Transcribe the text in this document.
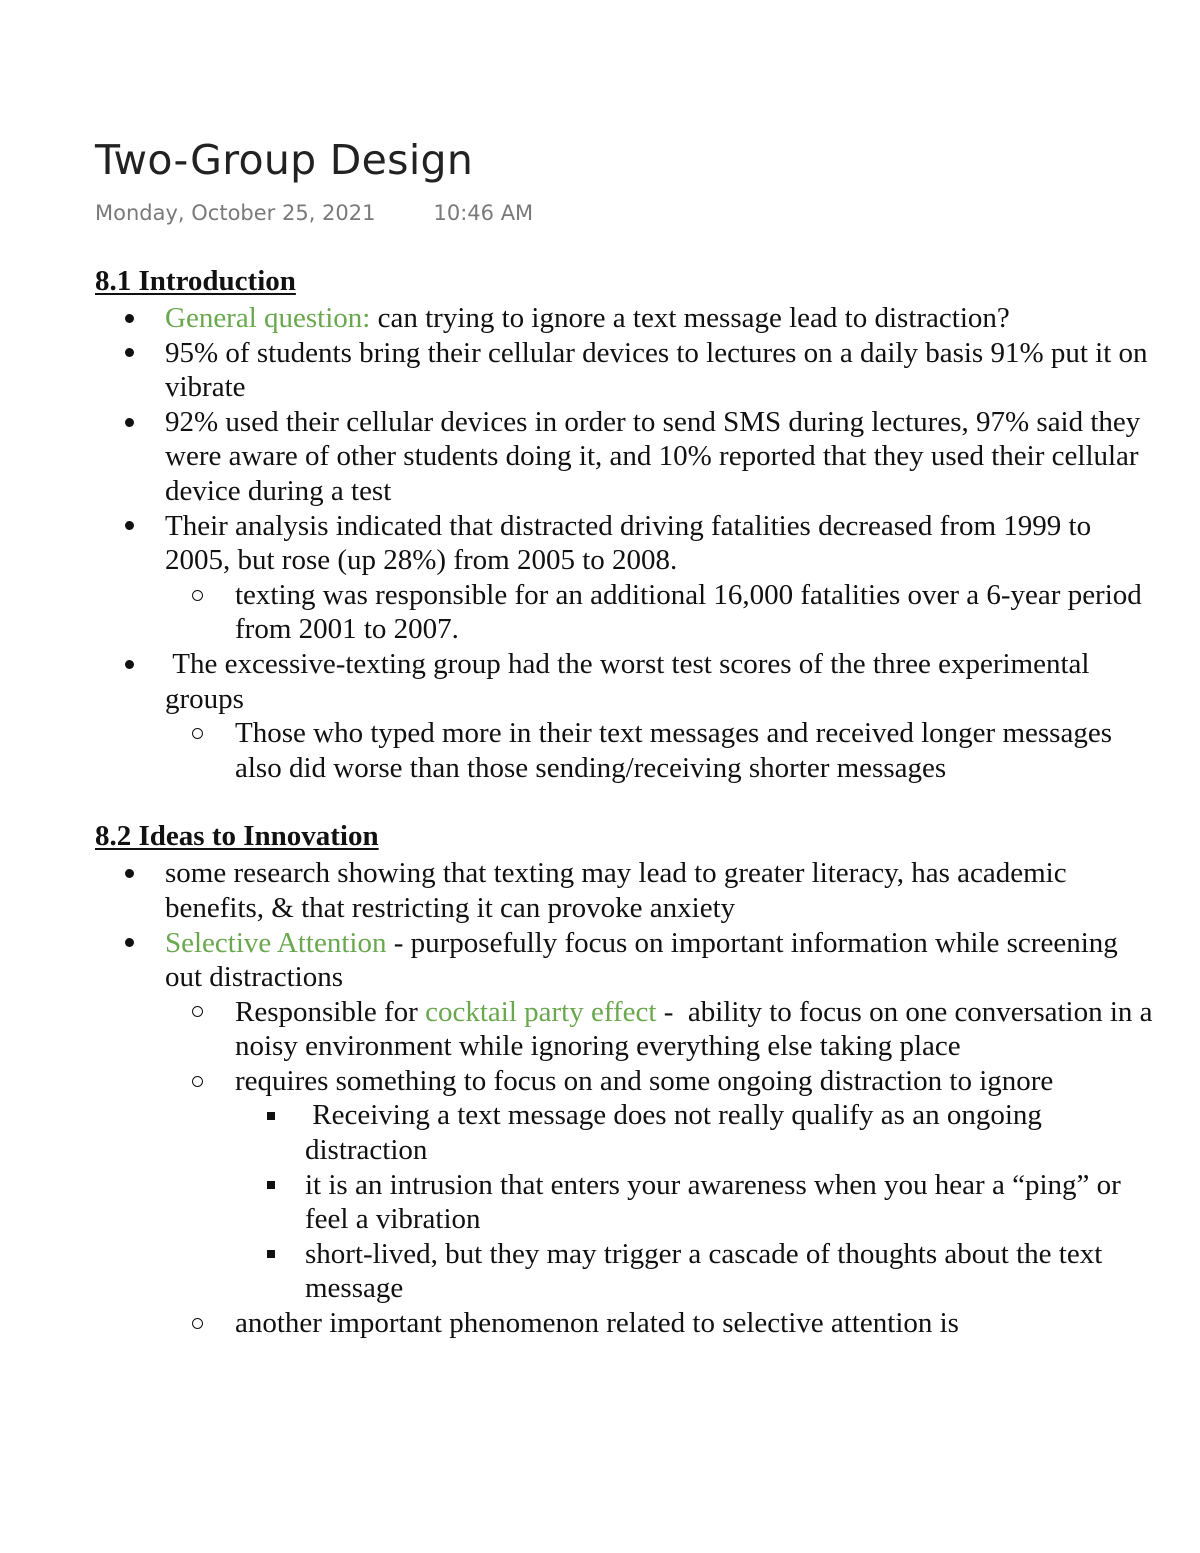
Two-Group Design
Monday, October 25, 2021	10:46 AM
8.1 Introduction
General question: can trying to ignore a text message lead to distraction?
95% of students bring their cellular devices to lectures on a daily basis 91% put it on vibrate
92% used their cellular devices in order to send SMS during lectures, 97% said they were aware of other students doing it, and 10% reported that they used their cellular device during a test
Their analysis indicated that distracted driving fatalities decreased from 1999 to 2005, but rose (up 28%) from 2005 to 2008.
texting was responsible for an additional 16,000 fatalities over a 6-year period from 2001 to 2007.
The excessive-texting group had the worst test scores of the three experimental groups
Those who typed more in their text messages and received longer messages also did worse than those sending/receiving shorter messages
8.2 Ideas to Innovation
some research showing that texting may lead to greater literacy, has academic benefits, & that restricting it can provoke anxiety
Selective Attention - purposefully focus on important information while screening out distractions
Responsible for cocktail party effect -  ability to focus on one conversation in a noisy environment while ignoring everything else taking place
requires something to focus on and some ongoing distraction to ignore
Receiving a text message does not really qualify as an ongoing distraction
it is an intrusion that enters your awareness when you hear a “ping” or feel a vibration
short-lived, but they may trigger a cascade of thoughts about the text message
another important phenomenon related to selective attention is
